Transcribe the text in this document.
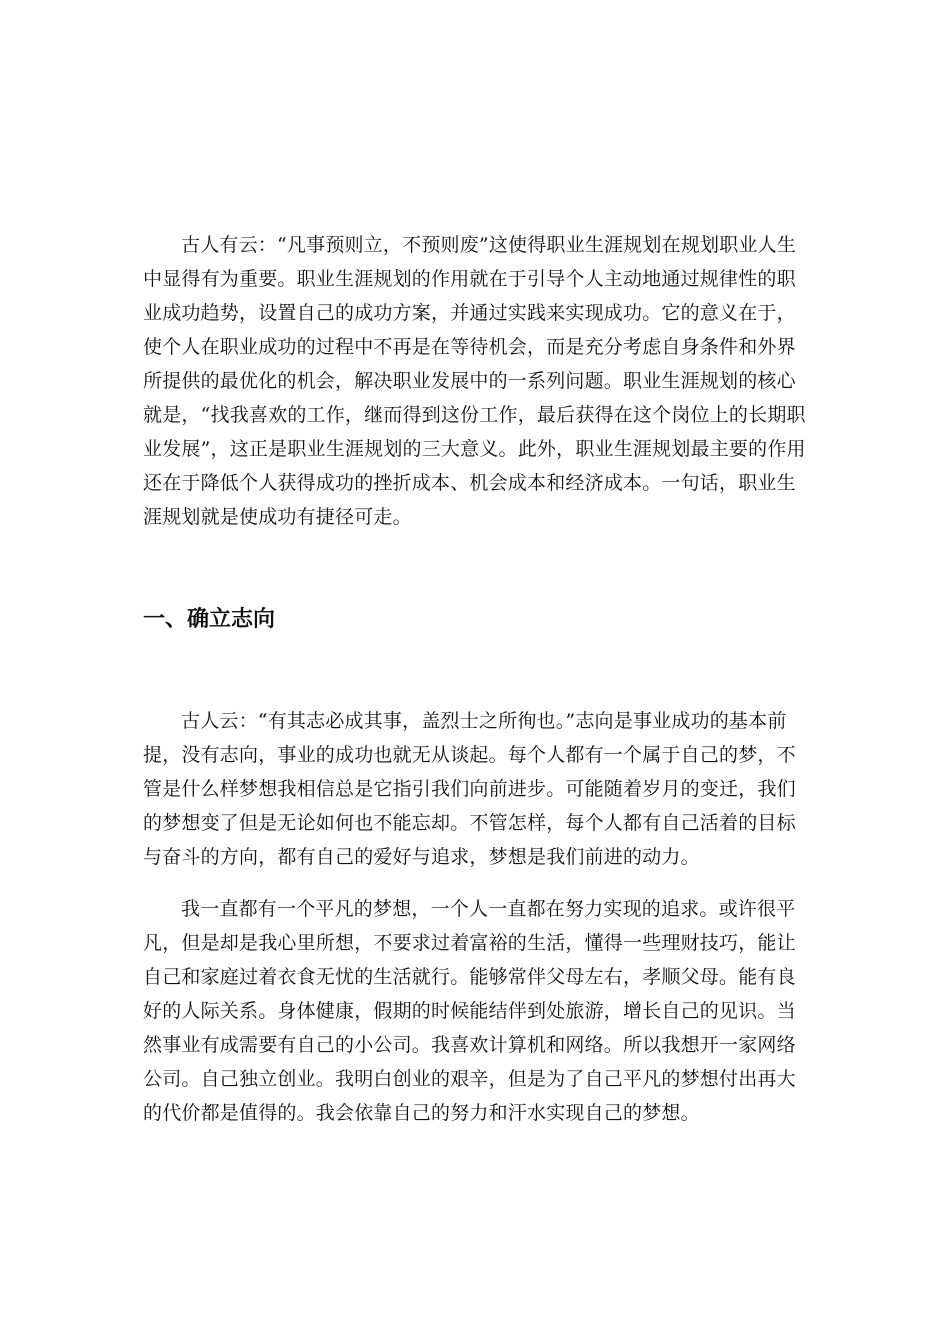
古人有云：“凡事预则立，不预则废”这使得职业生涯规划在规划职业人生中显得有为重要。职业生涯规划的作用就在于引导个人主动地通过规律性的职业成功趋势，设置自己的成功方案，并通过实践来实现成功。它的意义在于，使个人在职业成功的过程中不再是在等待机会，而是充分考虑自身条件和外界所提供的最优化的机会，解决职业发展中的一系列问题。职业生涯规划的核心就是，“找我喜欢的工作，继而得到这份工作，最后获得在这个岗位上的长期职业发展”，这正是职业生涯规划的三大意义。此外，职业生涯规划最主要的作用还在于降低个人获得成功的挫折成本、机会成本和经济成本。一句话，职业生涯规划就是使成功有捷径可走。

一、确立志向

古人云：“有其志必成其事，盖烈士之所徇也。”志向是事业成功的基本前提，没有志向，事业的成功也就无从谈起。每个人都有一个属于自己的梦，不管是什么样梦想我相信总是它指引我们向前进步。可能随着岁月的变迁，我们的梦想变了但是无论如何也不能忘却。不管怎样，每个人都有自己活着的目标与奋斗的方向，都有自己的爱好与追求，梦想是我们前进的动力。

我一直都有一个平凡的梦想，一个人一直都在努力实现的追求。或许很平凡，但是却是我心里所想，不要求过着富裕的生活，懂得一些理财技巧，能让自己和家庭过着衣食无忧的生活就行。能够常伴父母左右，孝顺父母。能有良好的人际关系。身体健康，假期的时候能结伴到处旅游，增长自己的见识。当然事业有成需要有自己的小公司。我喜欢计算机和网络。所以我想开一家网络公司。自己独立创业。我明白创业的艰辛，但是为了自己平凡的梦想付出再大的代价都是值得的。我会依靠自己的努力和汗水实现自己的梦想。
